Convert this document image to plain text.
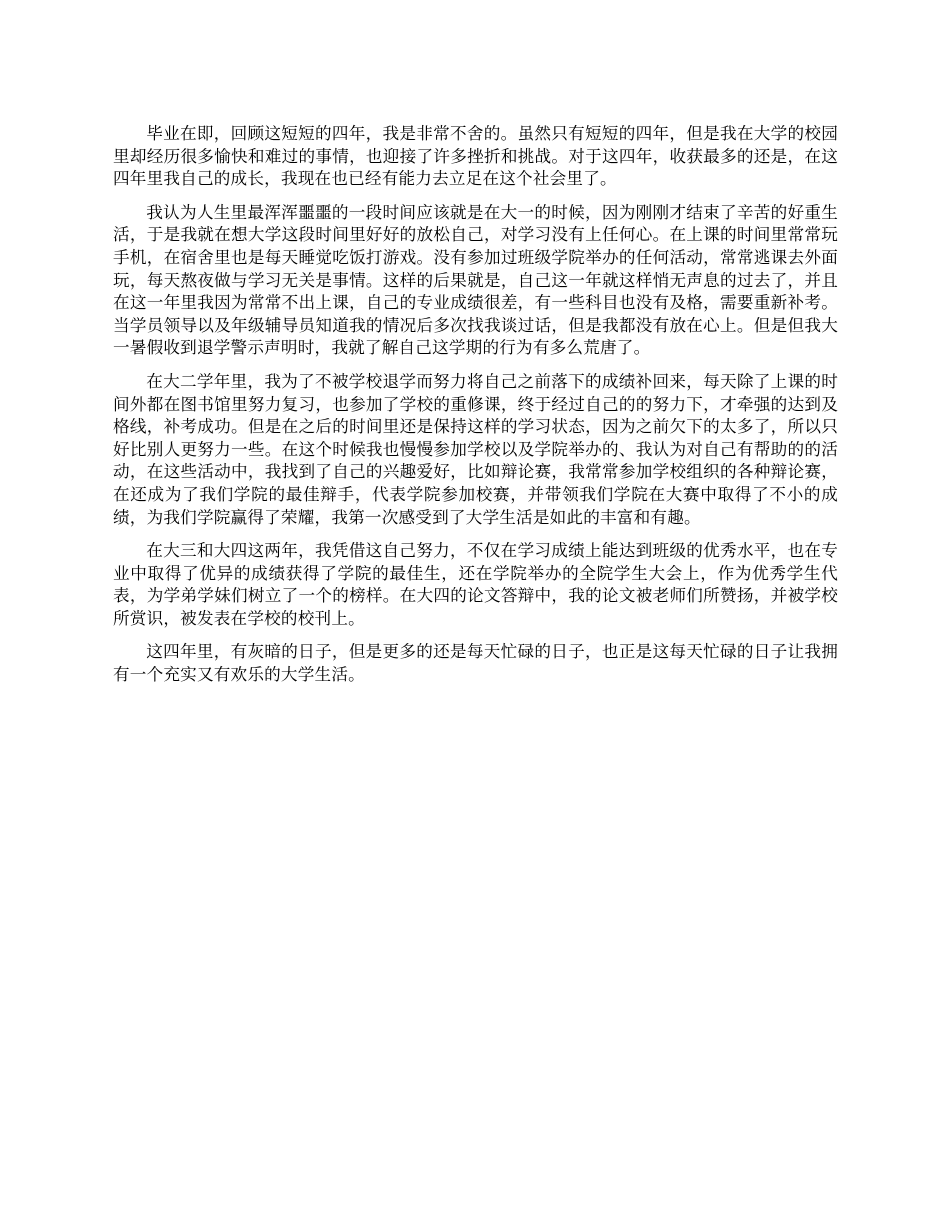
毕业在即，回顾这短短的四年，我是非常不舍的。虽然只有短短的四年，但是我在大学的校园里却经历很多愉快和难过的事情，也迎接了许多挫折和挑战。对于这四年，收获最多的还是，在这四年里我自己的成长，我现在也已经有能力去立足在这个社会里了。

我认为人生里最浑浑噩噩的一段时间应该就是在大一的时候，因为刚刚才结束了辛苦的好重生活，于是我就在想大学这段时间里好好的放松自己，对学习没有上任何心。在上课的时间里常常玩手机，在宿舍里也是每天睡觉吃饭打游戏。没有参加过班级学院举办的任何活动，常常逃课去外面玩，每天熬夜做与学习无关是事情。这样的后果就是，自己这一年就这样悄无声息的过去了，并且在这一年里我因为常常不出上课，自己的专业成绩很差，有一些科目也没有及格，需要重新补考。当学员领导以及年级辅导员知道我的情况后多次找我谈过话，但是我都没有放在心上。但是但我大一暑假收到退学警示声明时，我就了解自己这学期的行为有多么荒唐了。

在大二学年里，我为了不被学校退学而努力将自己之前落下的成绩补回来，每天除了上课的时间外都在图书馆里努力复习，也参加了学校的重修课，终于经过自己的的努力下，才牵强的达到及格线，补考成功。但是在之后的时间里还是保持这样的学习状态，因为之前欠下的太多了，所以只好比别人更努力一些。在这个时候我也慢慢参加学校以及学院举办的、我认为对自己有帮助的的活动，在这些活动中，我找到了自己的兴趣爱好，比如辩论赛，我常常参加学校组织的各种辩论赛，在还成为了我们学院的最佳辩手，代表学院参加校赛，并带领我们学院在大赛中取得了不小的成绩，为我们学院赢得了荣耀，我第一次感受到了大学生活是如此的丰富和有趣。

在大三和大四这两年，我凭借这自己努力，不仅在学习成绩上能达到班级的优秀水平，也在专业中取得了优异的成绩获得了学院的最佳生，还在学院举办的全院学生大会上，作为优秀学生代表，为学弟学妹们树立了一个的榜样。在大四的论文答辩中，我的论文被老师们所赞扬，并被学校所赏识，被发表在学校的校刊上。

这四年里，有灰暗的日子，但是更多的还是每天忙碌的日子，也正是这每天忙碌的日子让我拥有一个充实又有欢乐的大学生活。
